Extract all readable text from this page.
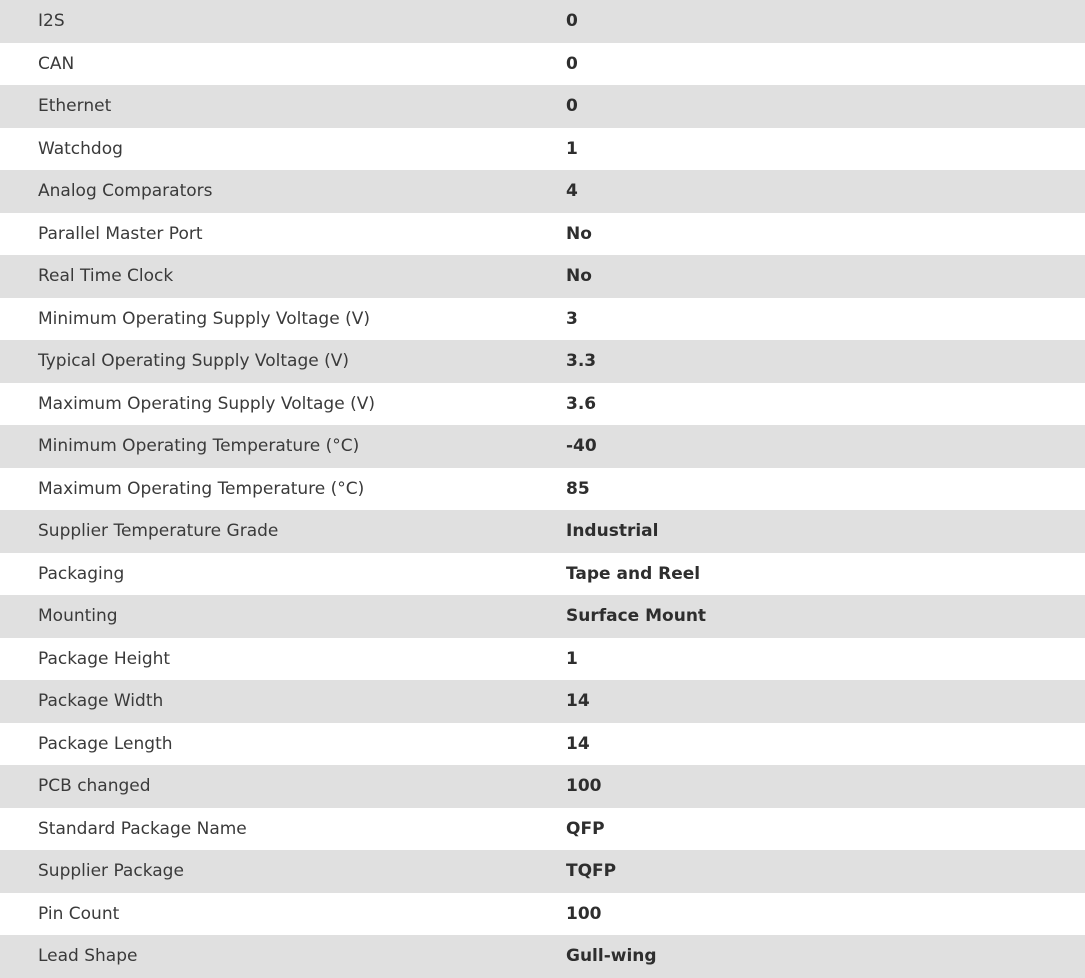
I2S	0
CAN	0
Ethernet	0
Watchdog	1
Analog Comparators	4
Parallel Master Port	No
Real Time Clock	No
Minimum Operating Supply Voltage (V)	3
Typical Operating Supply Voltage (V)	3.3
Maximum Operating Supply Voltage (V)	3.6
Minimum Operating Temperature (°C)	-40
Maximum Operating Temperature (°C)	85
Supplier Temperature Grade	Industrial
Packaging	Tape and Reel
Mounting	Surface Mount
Package Height	1
Package Width	14
Package Length	14
PCB changed	100
Standard Package Name	QFP
Supplier Package	TQFP
Pin Count	100
Lead Shape	Gull-wing
